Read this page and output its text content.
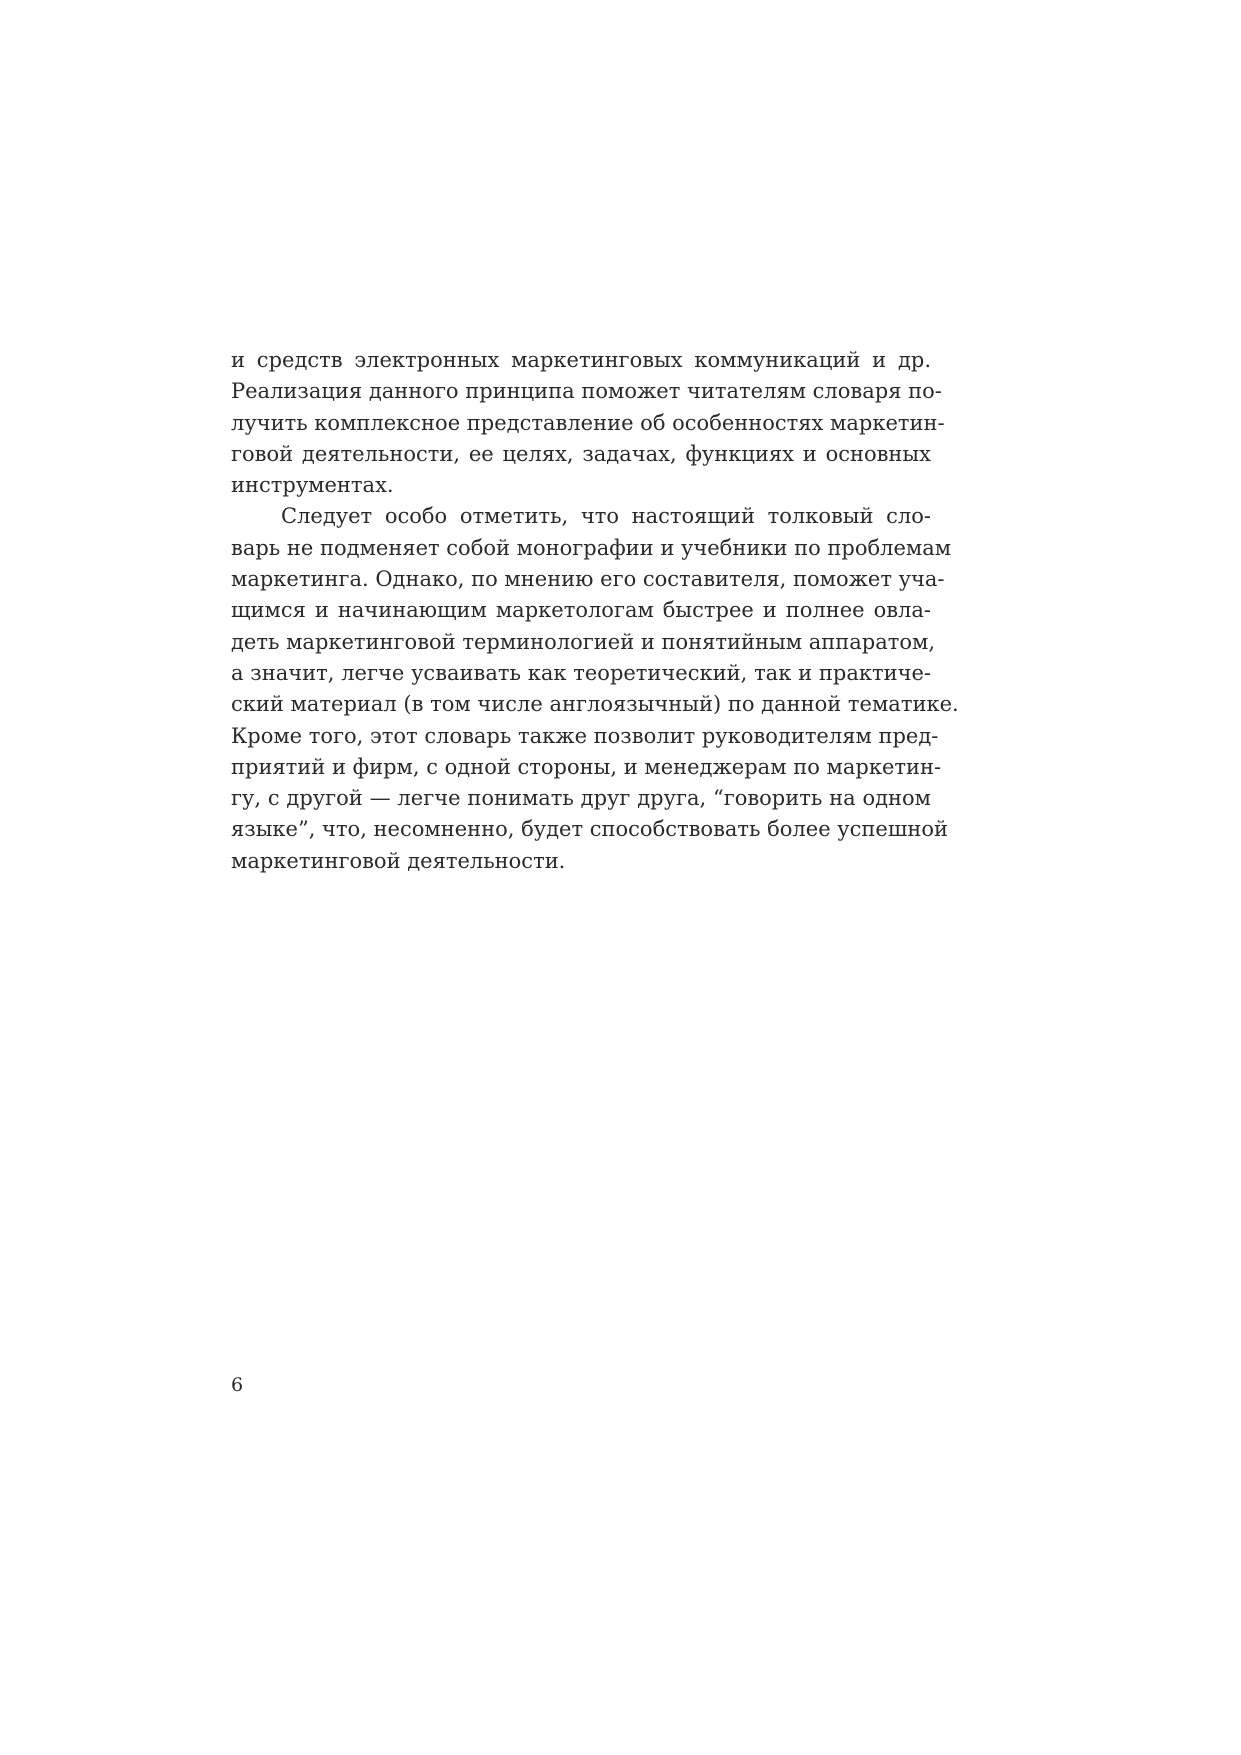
и средств электронных маркетинговых коммуникаций и др.
Реализация данного принципа поможет читателям словаря по-
лучить комплексное представление об особенностях маркетин-
говой деятельности, ее целях, задачах, функциях и основных
инструментах.
Следует особо отметить, что настоящий толковый сло-
варь не подменяет собой монографии и учебники по проблемам
маркетинга. Однако, по мнению его составителя, поможет уча-
щимся и начинающим маркетологам быстрее и полнее овла-
деть маркетинговой терминологией и понятийным аппаратом,
а значит, легче усваивать как теоретический, так и практиче-
ский материал (в том числе англоязычный) по данной тематике.
Кроме того, этот словарь также позволит руководителям пред-
приятий и фирм, с одной стороны, и менеджерам по маркетин-
гу, с другой — легче понимать друг друга, “говорить на одном
языке”, что, несомненно, будет способствовать более успешной
маркетинговой деятельности.
6
